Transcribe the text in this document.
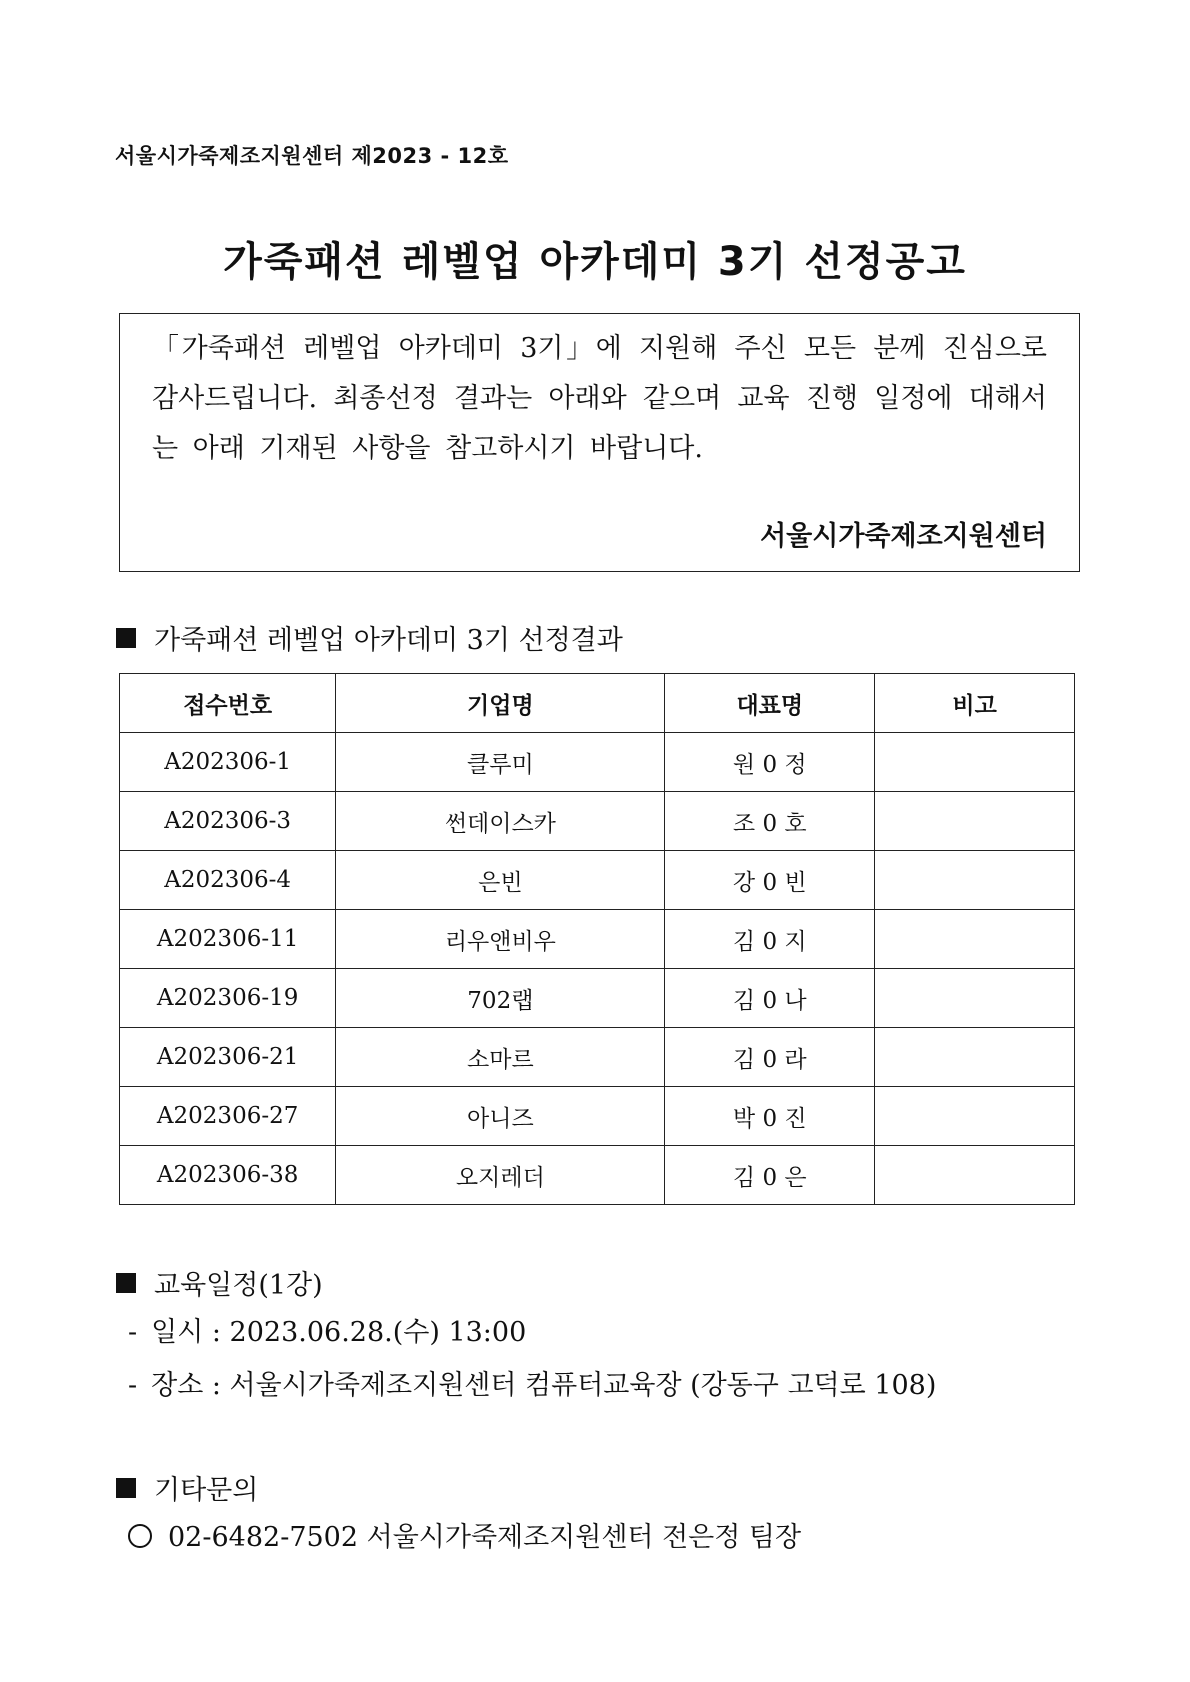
서울시가죽제조지원센터 제2023 - 12호
가죽패션 레벨업 아카데미 3기 선정공고

「가죽패션 레벨업 아카데미 3기」에 지원해 주신 모든 분께 진심으로 감사드립니다. 최종선정 결과는 아래와 같으며 교육 진행 일정에 대해서는 아래 기재된 사항을 참고하시기 바랍니다.

서울시가죽제조지원센터
가죽패션 레벨업 아카데미 3기 선정결과
접수번호	기업명	대표명	비고
A202306-1	클루미	원 0 정	
A202306-3	썬데이스카	조 0 호	
A202306-4	은빈	강 0 빈	
A202306-11	리우앤비우	김 0 지	
A202306-19	702랩	김 0 나	
A202306-21	소마르	김 0 라	
A202306-27	아니즈	박 0 진	
A202306-38	오지레더	김 0 은	
교육일정(1강)
- 일시 : 2023.06.28.(수) 13:00
- 장소 : 서울시가죽제조지원센터 컴퓨터교육장 (강동구 고덕로 108)
기타문의
02-6482-7502 서울시가죽제조지원센터 전은정 팀장
